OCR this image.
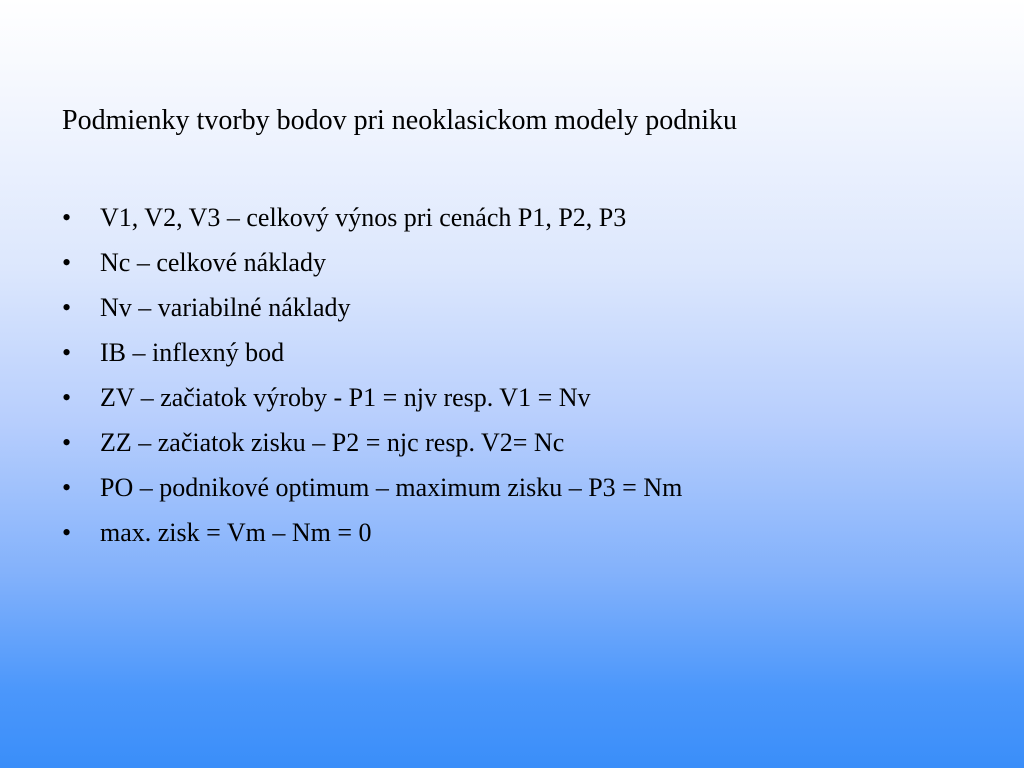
Podmienky tvorby bodov pri neoklasickom modely podniku
•	V1, V2, V3 – celkový výnos pri cenách P1, P2, P3
•	Nc – celkové náklady
•	Nv – variabilné náklady
•	IB – inflexný bod
•	ZV – začiatok výroby - P1 = njv resp. V1 = Nv
•	ZZ – začiatok zisku – P2 = njc resp. V2= Nc
•	PO – podnikové optimum – maximum zisku – P3 = Nm
•	max. zisk = Vm – Nm = 0
